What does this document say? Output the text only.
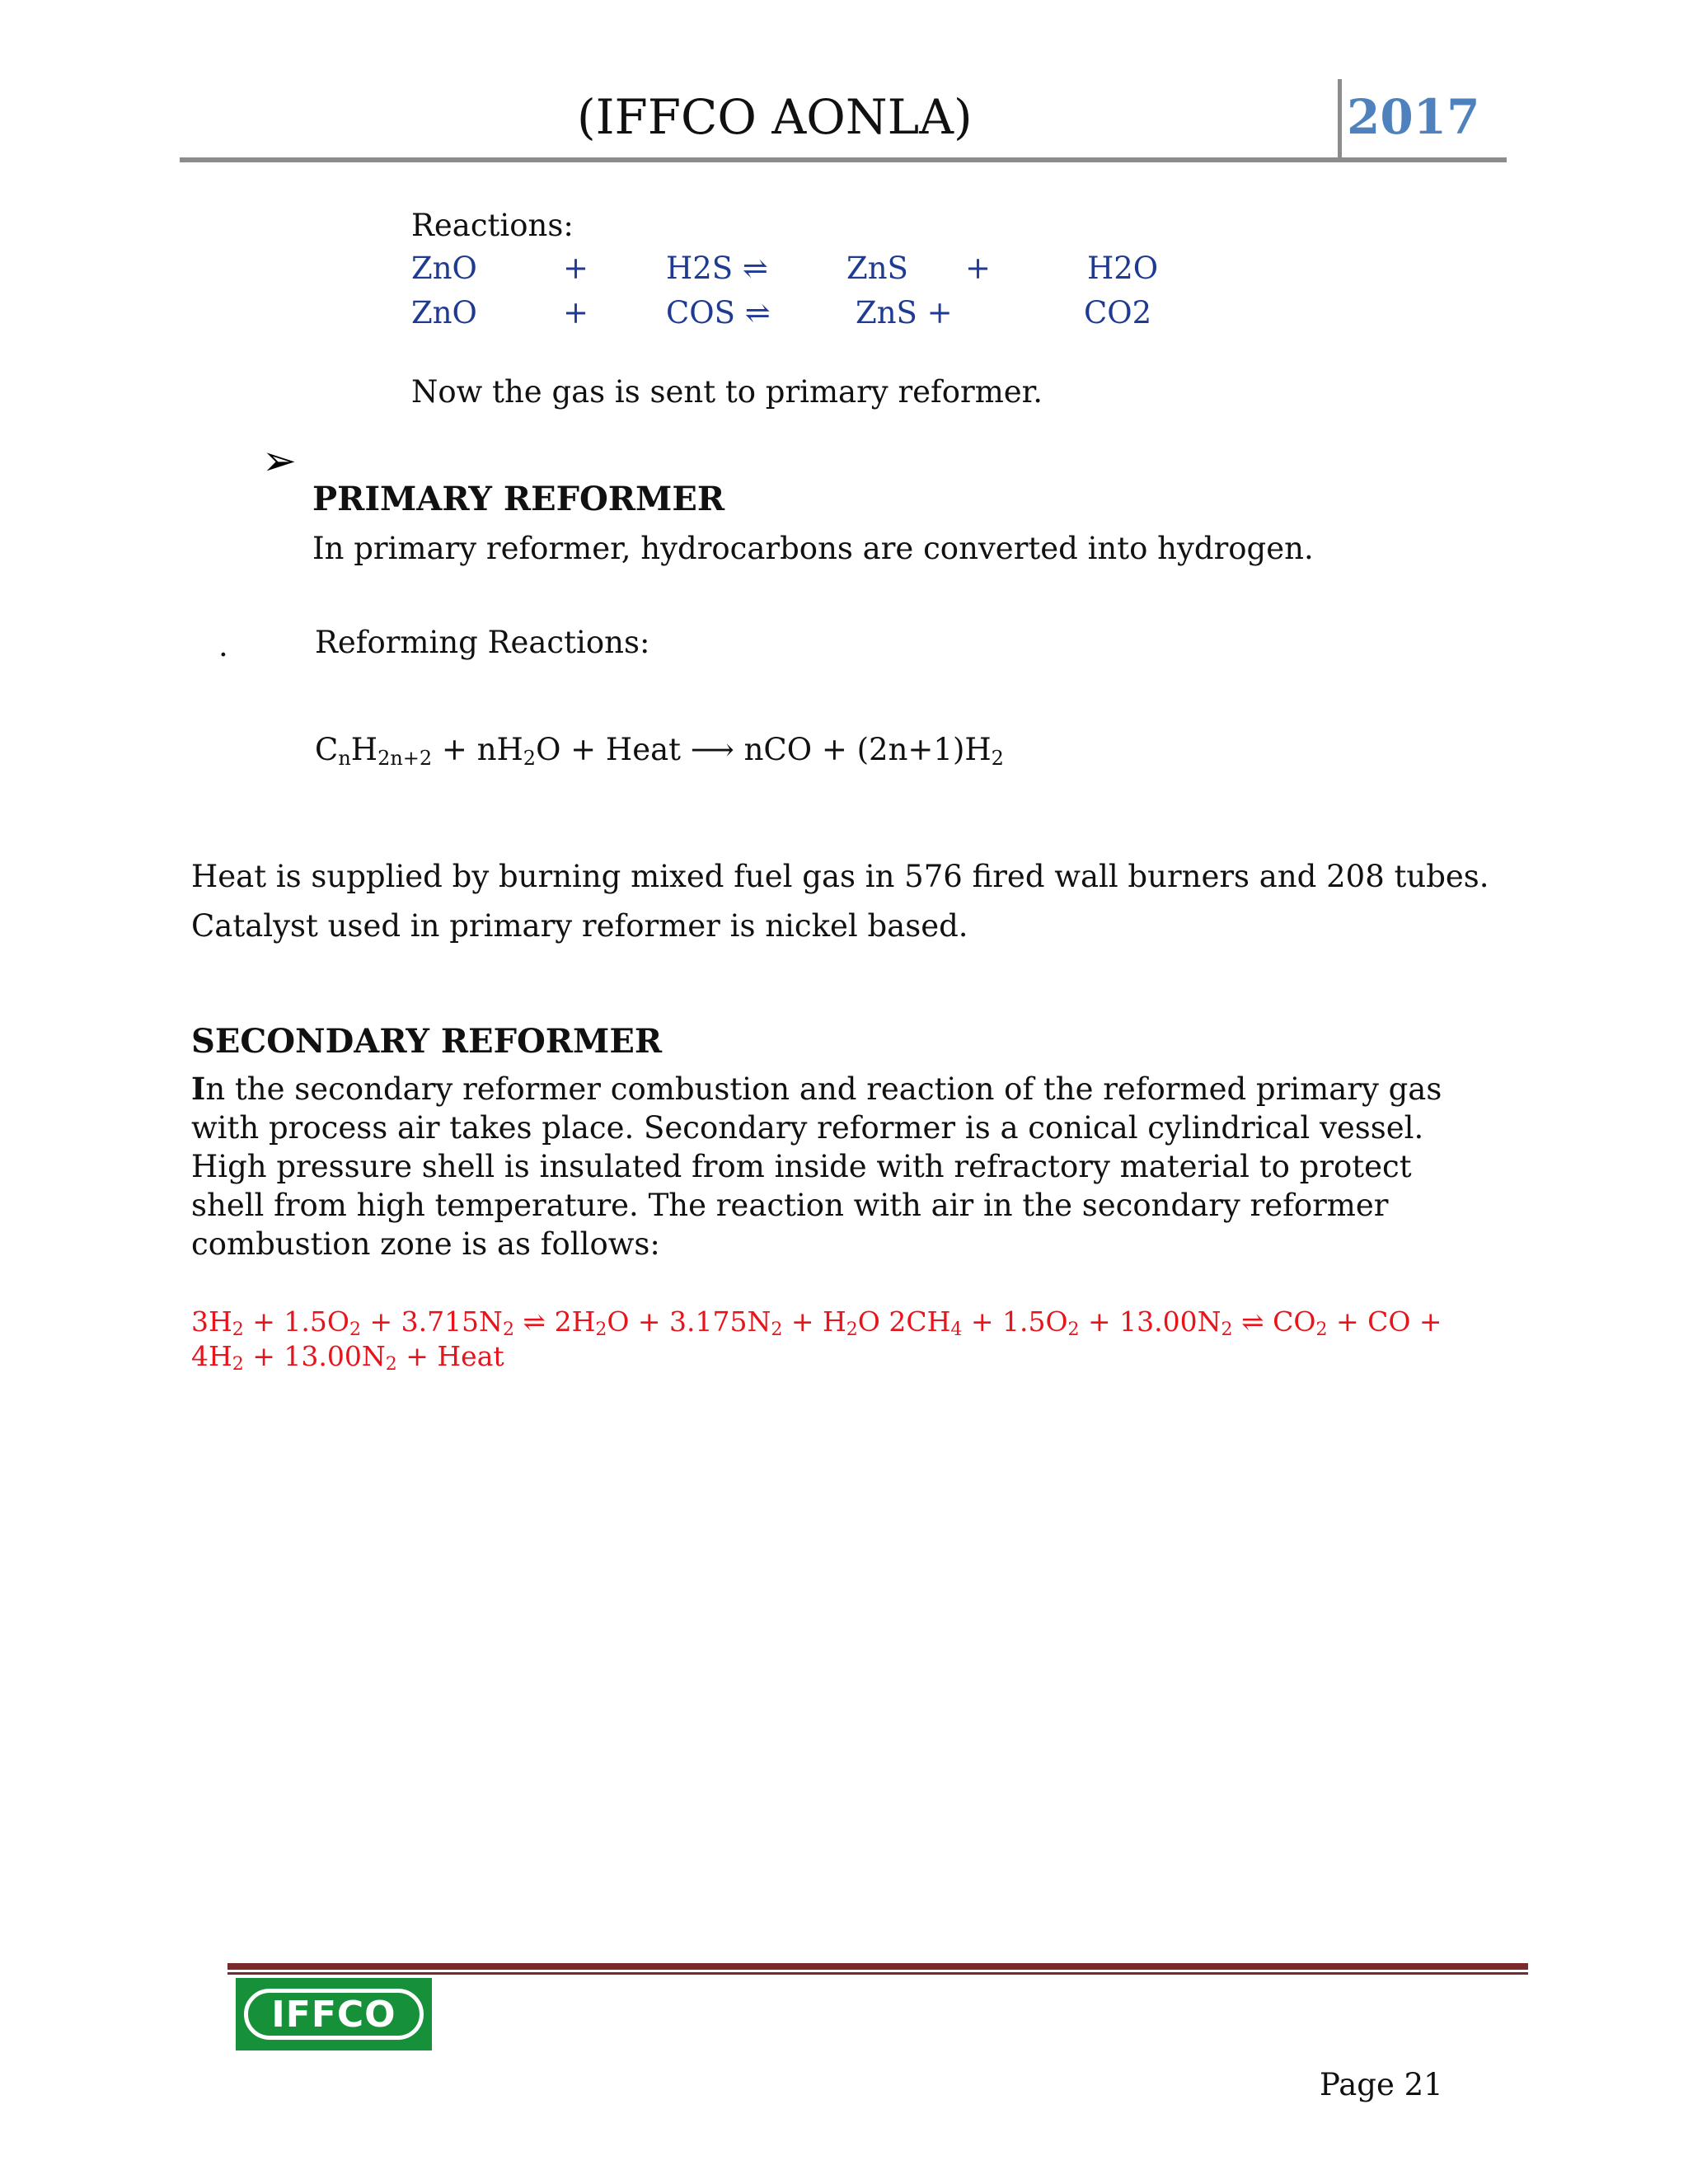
(IFFCO AONLA)	2017
Reactions:
ZnO	+	H2S ⇌	ZnS +	H2O
ZnO	+	COS ⇌	ZnS +	CO2
Now the gas is sent to primary reformer.
➢
PRIMARY REFORMER
In primary reformer, hydrocarbons are converted into hydrogen.
.	Reforming Reactions:
$C_nH_{2n+2} + nH_2O$ + Heat ⟶ nCO + $(2n+1)H_2$
Heat is supplied by burning mixed fuel gas in 576 fired wall burners and 208 tubes.
Catalyst used in primary reformer is nickel based.
SECONDARY REFORMER
In the secondary reformer combustion and reaction of the reformed primary gas with process air takes place. Secondary reformer is a conical cylindrical vessel. High pressure shell is insulated from inside with refractory material to protect shell from high temperature. The reaction with air in the secondary reformer combustion zone is as follows:
$3H_2 + 1.5O_2 + 3.715N_2$ ⇌ $2H_2O + 3.175N_2 + H_2O$ $2CH_4 + 1.5O_2 + 13.00N_2$ ⇌ $CO_2$ + CO + $4H_2 + 13.00N_2$ + Heat
IFFCO
Page 21
